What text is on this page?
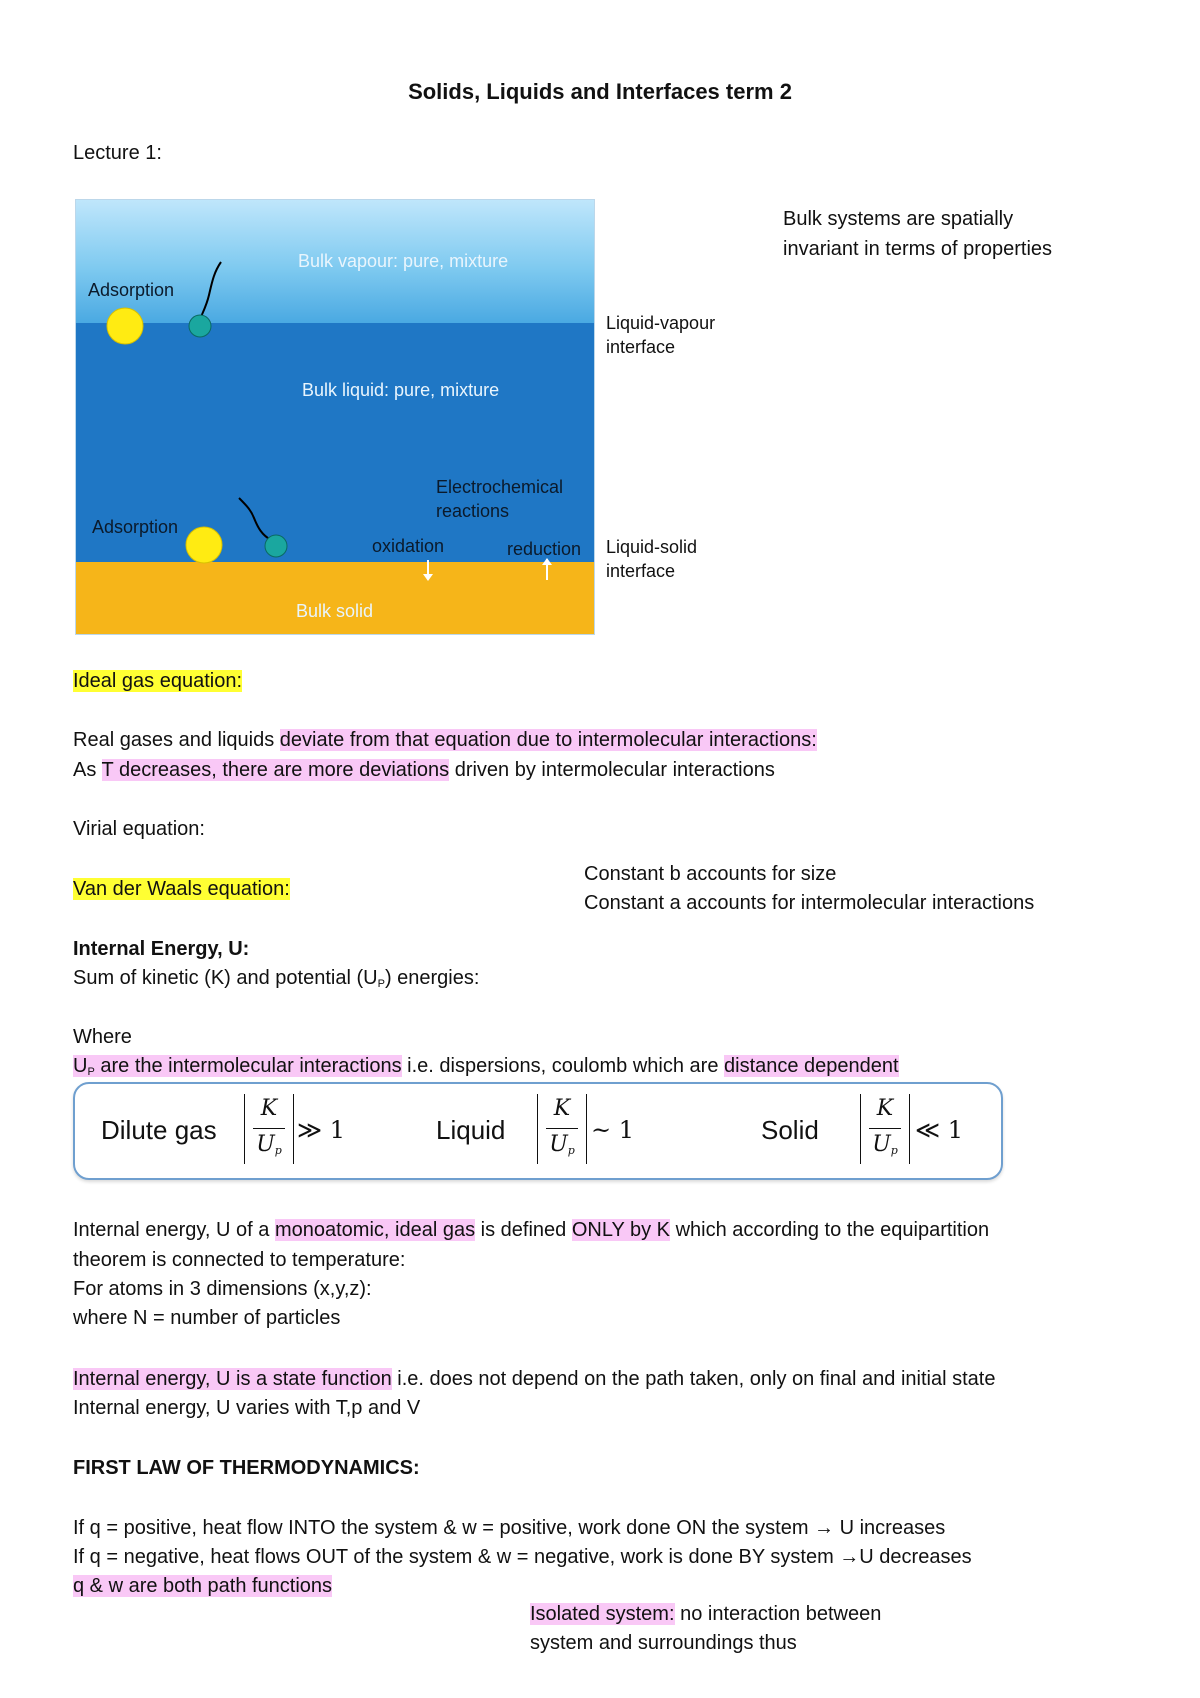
Solids, Liquids and Interfaces term 2
Lecture 1:
Bulk vapour: pure, mixture
Adsorption
Bulk liquid: pure, mixture
Electrochemical
reactions
Adsorption
oxidation	reduction
Bulk solid
Liquid-vapour
interface
Liquid-solid
interface
Bulk systems are spatially
invariant in terms of properties
Ideal gas equation:
Real gases and liquids deviate from that equation due to intermolecular interactions:
As T decreases, there are more deviations driven by intermolecular interactions
Virial equation:
Van der Waals equation:
Constant b accounts for size
Constant a accounts for intermolecular interactions
Internal Energy, U:
Sum of kinetic (K) and potential $(U_P)$ energies:
Where
$U_P$ are the intermolecular interactions i.e. dispersions, coulomb which are distance dependent
Dilute gas
K
$U_p$
≫ 1	Liquid
K
$U_p$
~ 1	Solid
K
$U_p$
≪ 1
Internal energy, U of a monoatomic, ideal gas is defined ONLY by K which according to the equipartition
theorem is connected to temperature:
For atoms in 3 dimensions (x,y,z):
where N = number of particles
Internal energy, U is a state function i.e. does not depend on the path taken, only on final and initial state
Internal energy, U varies with T,p and V
FIRST LAW OF THERMODYNAMICS:
If q = positive, heat flow INTO the system & w = positive, work done ON the system → U increases
If q = negative, heat flows OUT of the system & w = negative, work is done BY system →U decreases
q & w are both path functions
Isolated system: no interaction between
system and surroundings thus
